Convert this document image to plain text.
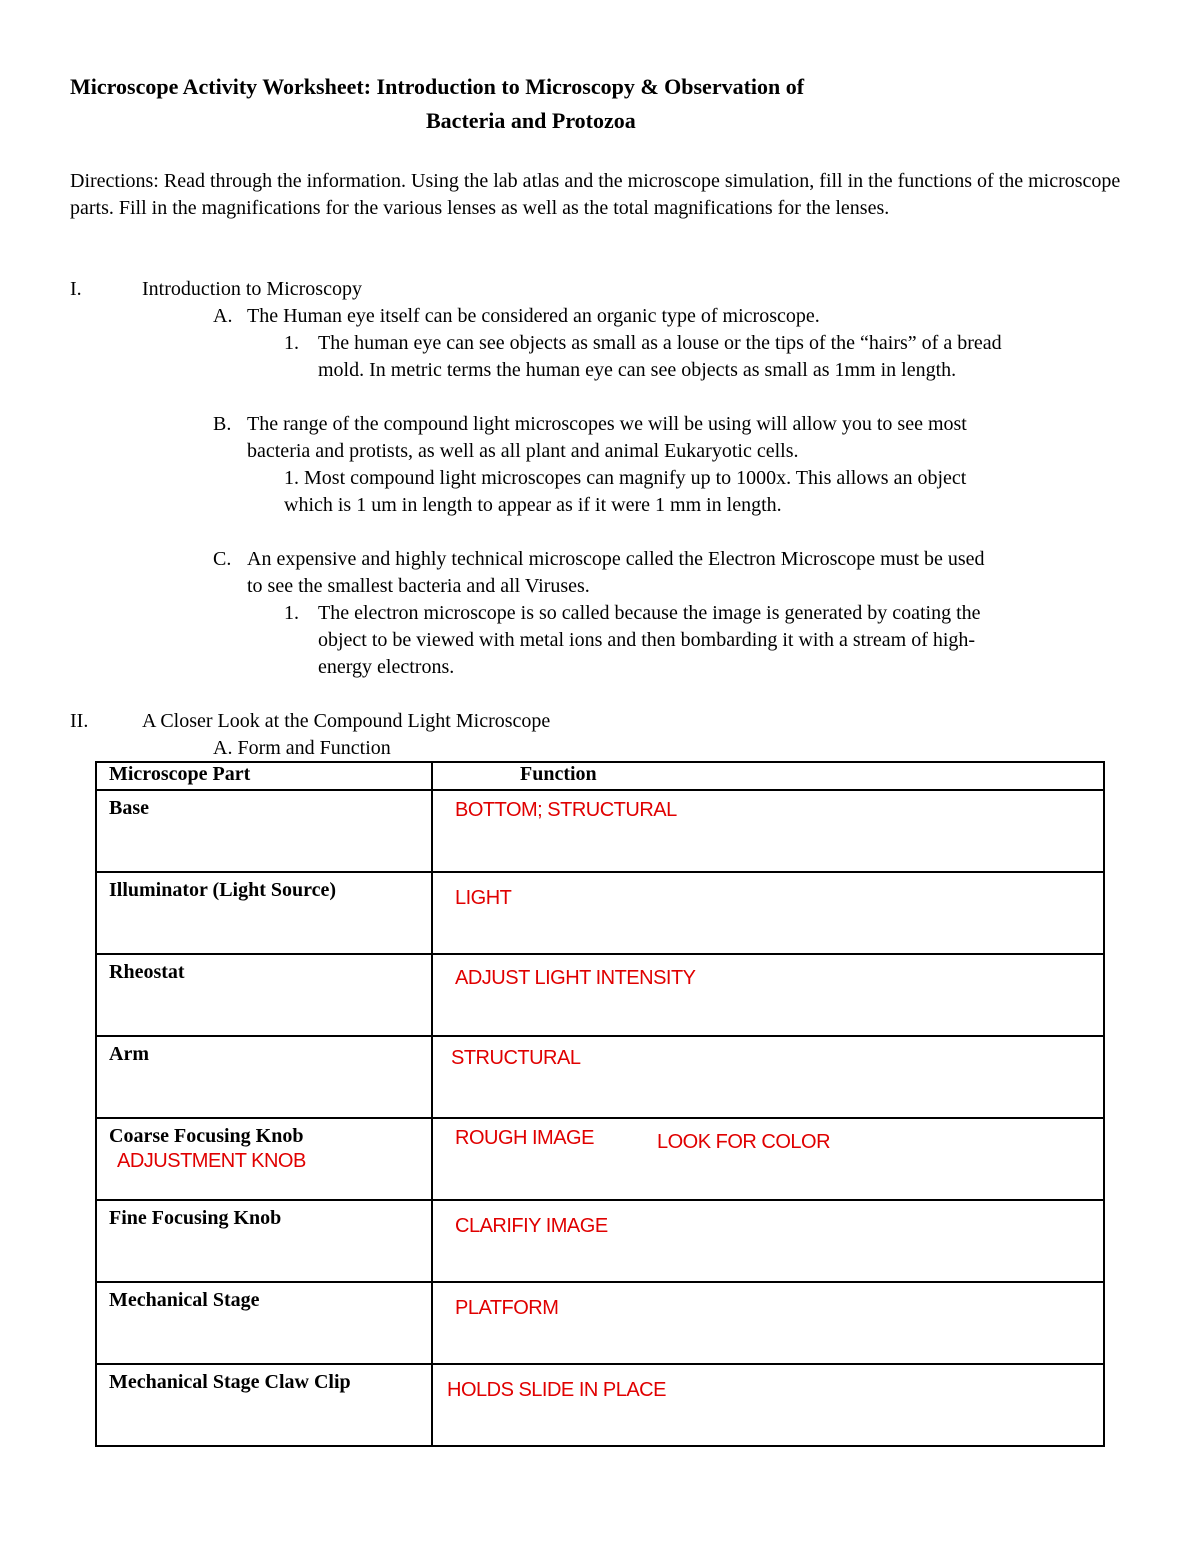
Microscope Activity Worksheet: Introduction to Microscopy & Observation of
Bacteria and Protozoa
Directions: Read through the information. Using the lab atlas and the microscope simulation, fill in the functions of the microscope parts. Fill in the magnifications for the various lenses as well as the total magnifications for the lenses.
I.	Introduction to Microscopy
A. The Human eye itself can be considered an organic type of microscope.
1. The human eye can see objects as small as a louse or the tips of the “hairs” of a bread
mold. In metric terms the human eye can see objects as small as 1mm in length.
B. The range of the compound light microscopes we will be using will allow you to see most
bacteria and protists, as well as all plant and animal Eukaryotic cells.
1. Most compound light microscopes can magnify up to 1000x. This allows an object
which is 1 um in length to appear as if it were 1 mm in length.
C. An expensive and highly technical microscope called the Electron Microscope must be used
to see the smallest bacteria and all Viruses.
1. The electron microscope is so called because the image is generated by coating the
object to be viewed with metal ions and then bombarding it with a stream of high-
energy electrons.
II.	A Closer Look at the Compound Light Microscope
A. Form and Function
Microscope Part	Function

Base	BOTTOM; STRUCTURAL

Illuminator (Light Source)	LIGHT

Rheostat	ADJUST LIGHT INTENSITY

Arm	STRUCTURAL

Coarse Focusing Knob
ADJUSTMENT KNOB	ROUGH IMAGE LOOK FOR COLOR

Fine Focusing Knob	CLARIFIY IMAGE

Mechanical Stage	PLATFORM

Mechanical Stage Claw Clip	HOLDS SLIDE IN PLACE
